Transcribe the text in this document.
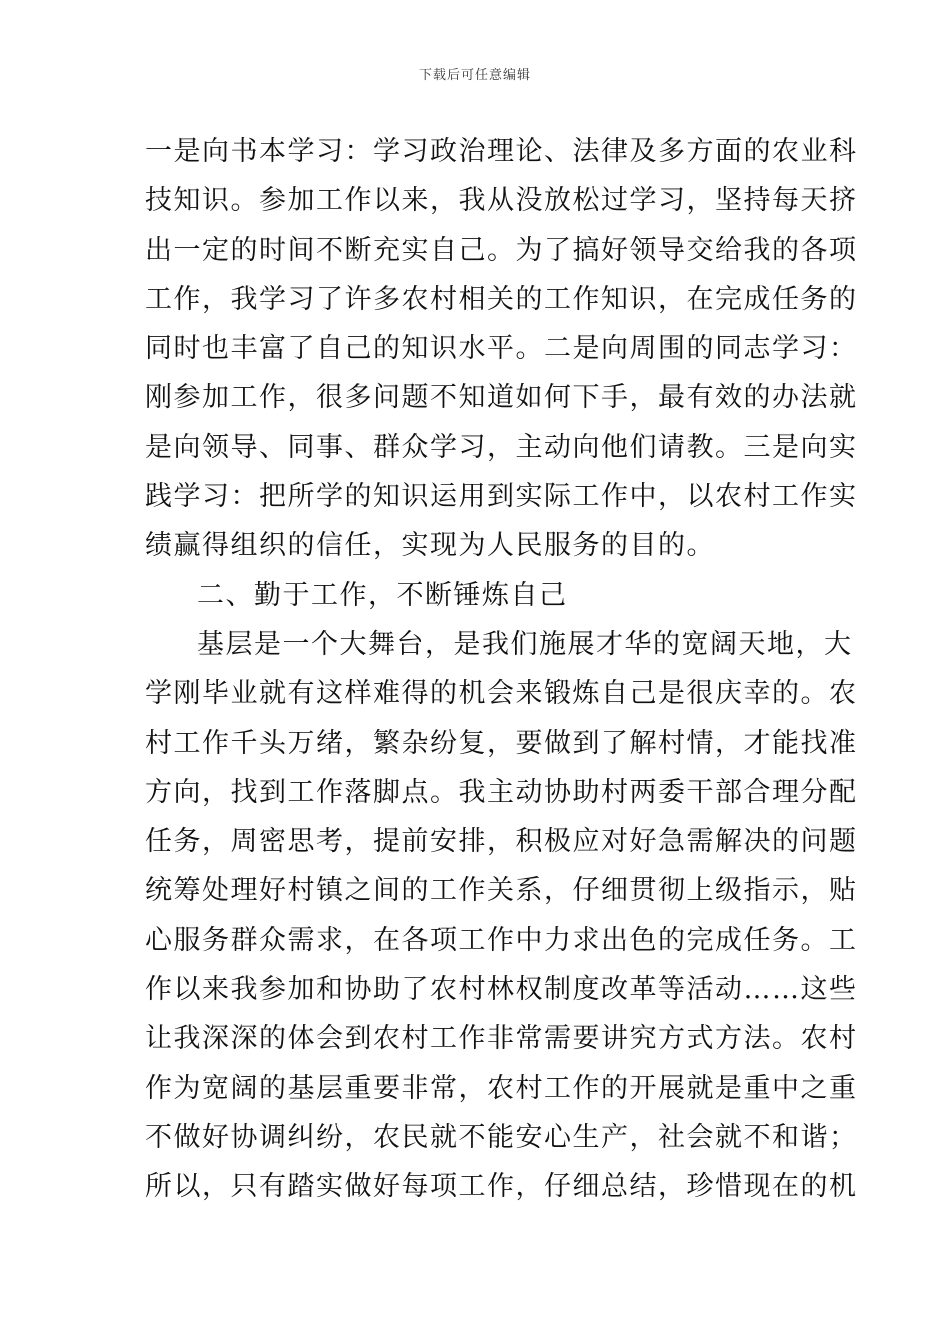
下载后可任意编辑
一是向书本学习：学习政治理论、法律及多方面的农业科
技知识。参加工作以来，我从没放松过学习，坚持每天挤
出一定的时间不断充实自己。为了搞好领导交给我的各项
工作，我学习了许多农村相关的工作知识，在完成任务的
同时也丰富了自己的知识水平。二是向周围的同志学习：
刚参加工作，很多问题不知道如何下手，最有效的办法就
是向领导、同事、群众学习，主动向他们请教。三是向实
践学习：把所学的知识运用到实际工作中，以农村工作实
绩赢得组织的信任，实现为人民服务的目的。
二、勤于工作，不断锤炼自己
基层是一个大舞台，是我们施展才华的宽阔天地，大
学刚毕业就有这样难得的机会来锻炼自己是很庆幸的。农
村工作千头万绪，繁杂纷复，要做到了解村情，才能找准
方向，找到工作落脚点。我主动协助村两委干部合理分配
任务，周密思考，提前安排，积极应对好急需解决的问题
统筹处理好村镇之间的工作关系，仔细贯彻上级指示，贴
心服务群众需求，在各项工作中力求出色的完成任务。工
作以来我参加和协助了农村林权制度改革等活动……这些
让我深深的体会到农村工作非常需要讲究方式方法。农村
作为宽阔的基层重要非常，农村工作的开展就是重中之重
不做好协调纠纷，农民就不能安心生产，社会就不和谐；
所以，只有踏实做好每项工作，仔细总结，珍惜现在的机
